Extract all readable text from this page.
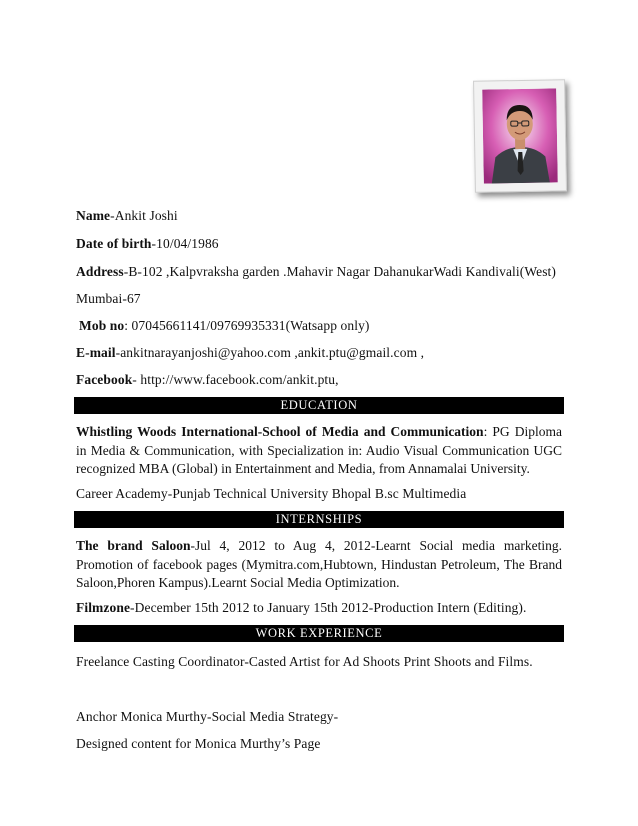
Name-Ankit Joshi
Date of birth-10/04/1986
Address-B-102 ,Kalpvraksha garden .Mahavir Nagar DahanukarWadi Kandivali(West)
Mumbai-67
Mob no: 07045661141/09769935331(Watsapp only)
E-mail-ankitnarayanjoshi@yahoo.com ,ankit.ptu@gmail.com ,
Facebook- http://www.facebook.com/ankit.ptu,
EDUCATION
Whistling Woods International-School of Media and Communication: PG Diploma in Media & Communication, with Specialization in: Audio Visual Communication UGC recognized MBA (Global) in Entertainment and Media, from Annamalai University.
Career Academy-Punjab Technical University Bhopal B.sc Multimedia
INTERNSHIPS
The brand Saloon-Jul 4, 2012 to Aug 4, 2012-Learnt Social media marketing. Promotion of facebook pages (Mymitra.com,Hubtown, Hindustan Petroleum, The Brand Saloon,Phoren Kampus).Learnt Social Media Optimization.
Filmzone-December 15th 2012 to January 15th 2012-Production Intern (Editing).
WORK EXPERIENCE
Freelance Casting Coordinator-Casted Artist for Ad Shoots Print Shoots and Films.
Anchor Monica Murthy-Social Media Strategy-
Designed content for Monica Murthy’s Page
